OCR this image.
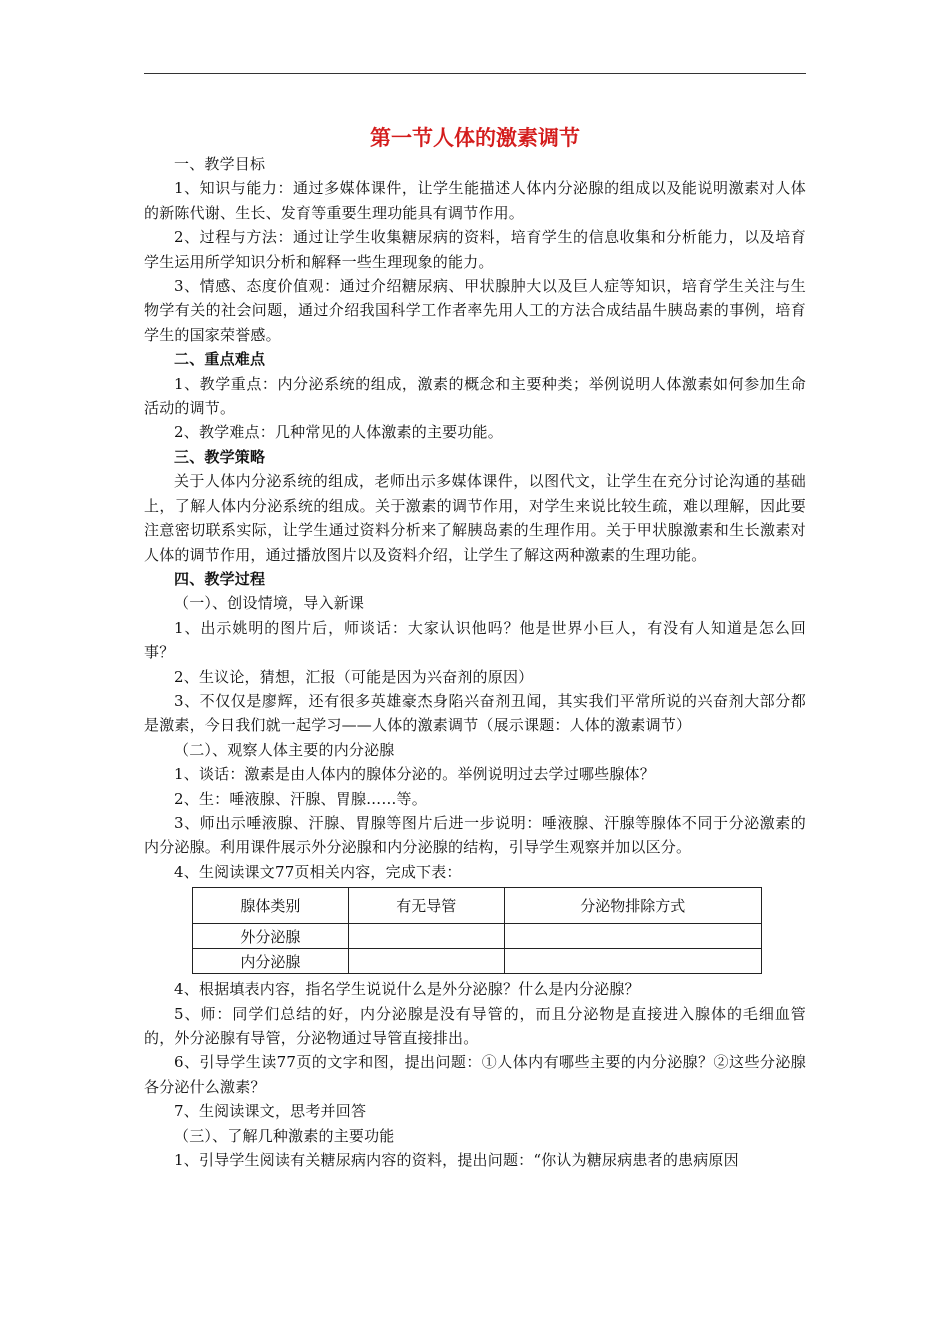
第一节人体的激素调节

一、教学目标

1、知识与能力：通过多媒体课件，让学生能描述人体内分泌腺的组成以及能说明激素对人体的新陈代谢、生长、发育等重要生理功能具有调节作用。

2、过程与方法：通过让学生收集糖尿病的资料，培育学生的信息收集和分析能力，以及培育学生运用所学知识分析和解释一些生理现象的能力。

3、情感、态度价值观：通过介绍糖尿病、甲状腺肿大以及巨人症等知识，培育学生关注与生物学有关的社会问题，通过介绍我国科学工作者率先用人工的方法合成结晶牛胰岛素的事例，培育学生的国家荣誉感。

二、重点难点

1、教学重点：内分泌系统的组成，激素的概念和主要种类；举例说明人体激素如何参加生命活动的调节。

2、教学难点：几种常见的人体激素的主要功能。

三、教学策略

关于人体内分泌系统的组成，老师出示多媒体课件，以图代文，让学生在充分讨论沟通的基础上，了解人体内分泌系统的组成。关于激素的调节作用，对学生来说比较生疏，难以理解，因此要注意密切联系实际，让学生通过资料分析来了解胰岛素的生理作用。关于甲状腺激素和生长激素对人体的调节作用，通过播放图片以及资料介绍，让学生了解这两种激素的生理功能。

四、教学过程

（一）、创设情境，导入新课

1、出示姚明的图片后，师谈话：大家认识他吗？他是世界小巨人，有没有人知道是怎么回事？

2、生议论，猜想，汇报（可能是因为兴奋剂的原因）

3、不仅仅是廖辉，还有很多英雄豪杰身陷兴奋剂丑闻，其实我们平常所说的兴奋剂大部分都是激素，今日我们就一起学习——人体的激素调节（展示课题：人体的激素调节）

（二）、观察人体主要的内分泌腺

1、谈话：激素是由人体内的腺体分泌的。举例说明过去学过哪些腺体？

2、生：唾液腺、汗腺、胃腺……等。

3、师出示唾液腺、汗腺、胃腺等图片后进一步说明：唾液腺、汗腺等腺体不同于分泌激素的内分泌腺。利用课件展示外分泌腺和内分泌腺的结构，引导学生观察并加以区分。

4、生阅读课文77页相关内容，完成下表：

腺体类别	有无导管	分泌物排除方式
外分泌腺		
内分泌腺		

4、根据填表内容，指名学生说说什么是外分泌腺？什么是内分泌腺？

5、师：同学们总结的好，内分泌腺是没有导管的，而且分泌物是直接进入腺体的毛细血管的，外分泌腺有导管，分泌物通过导管直接排出。

6、引导学生读77页的文字和图，提出问题：①人体内有哪些主要的内分泌腺？②这些分泌腺各分泌什么激素？

7、生阅读课文，思考并回答

（三）、了解几种激素的主要功能

1、引导学生阅读有关糖尿病内容的资料，提出问题：“你认为糖尿病患者的患病原因
